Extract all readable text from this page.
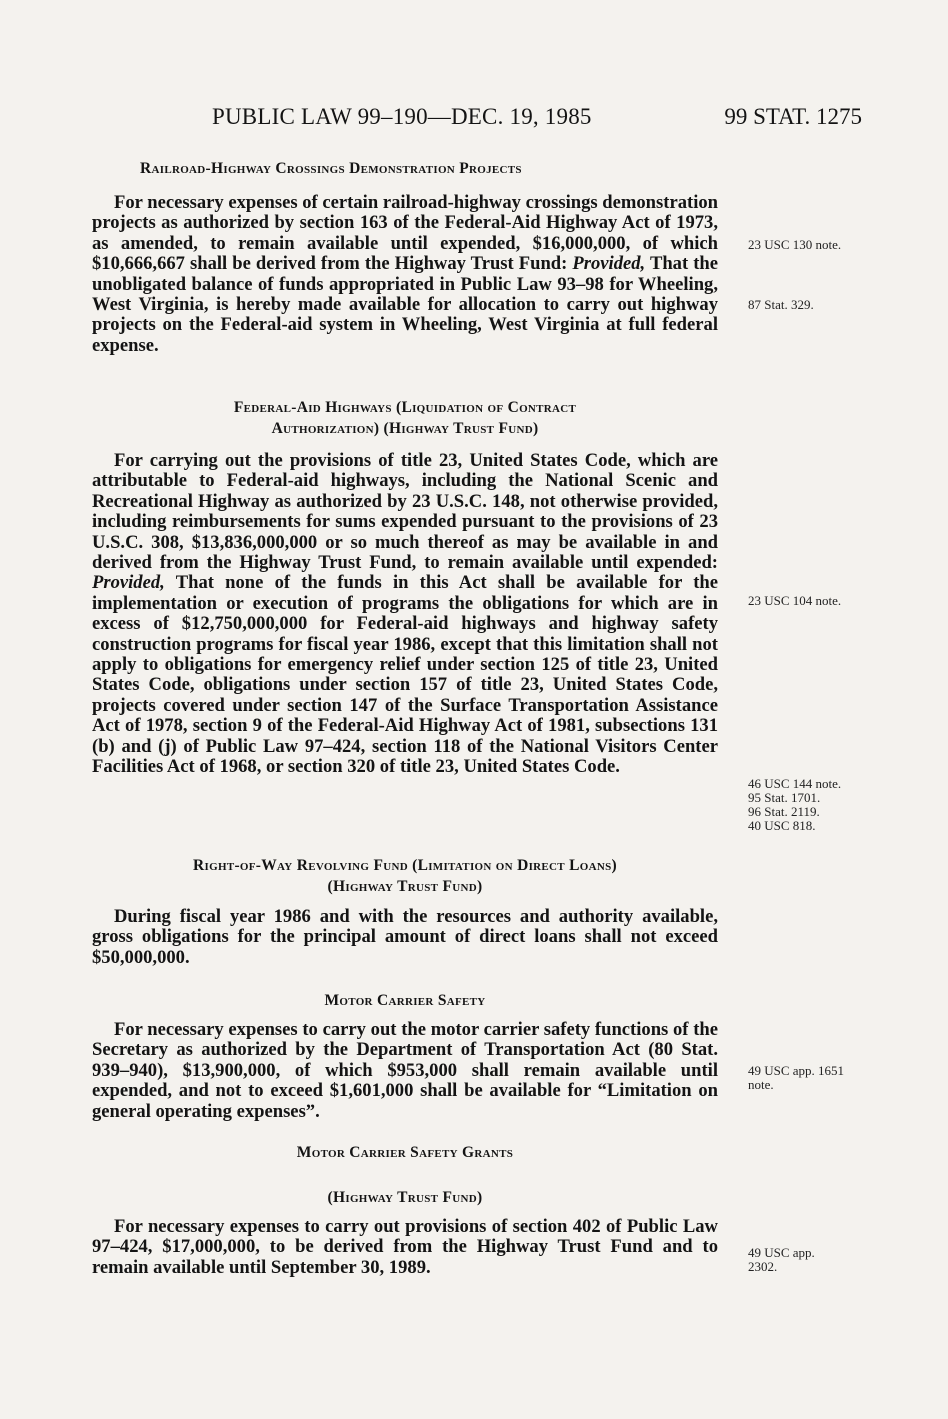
PUBLIC LAW 99–190—DEC. 19, 1985	99 STAT. 1275
Railroad-Highway Crossings Demonstration Projects
For necessary expenses of certain railroad-highway crossings demonstration projects as authorized by section 163 of the Federal-Aid Highway Act of 1973, as amended, to remain available until expended, $16,000,000, of which $10,666,667 shall be derived from the Highway Trust Fund: Provided, That the unobligated balance of funds appropriated in Public Law 93–98 for Wheeling, West Virginia, is hereby made available for allocation to carry out highway projects on the Federal-aid system in Wheeling, West Virginia at full federal expense.
Federal-Aid Highways (Liquidation of Contract
Authorization) (Highway Trust Fund)
For carrying out the provisions of title 23, United States Code, which are attributable to Federal-aid highways, including the National Scenic and Recreational Highway as authorized by 23 U.S.C. 148, not otherwise provided, including reimbursements for sums expended pursuant to the provisions of 23 U.S.C. 308, $13,836,000,000 or so much thereof as may be available in and derived from the Highway Trust Fund, to remain available until expended: Provided, That none of the funds in this Act shall be available for the implementation or execution of programs the obligations for which are in excess of $12,750,000,000 for Federal-aid highways and highway safety construction programs for fiscal year 1986, except that this limitation shall not apply to obligations for emergency relief under section 125 of title 23, United States Code, obligations under section 157 of title 23, United States Code, projects covered under section 147 of the Surface Transportation Assistance Act of 1978, section 9 of the Federal-Aid Highway Act of 1981, subsections 131 (b) and (j) of Public Law 97–424, section 118 of the National Visitors Center Facilities Act of 1968, or section 320 of title 23, United States Code.
Right-of-Way Revolving Fund (Limitation on Direct Loans)
(Highway Trust Fund)
During fiscal year 1986 and with the resources and authority available, gross obligations for the principal amount of direct loans shall not exceed $50,000,000.
Motor Carrier Safety
For necessary expenses to carry out the motor carrier safety functions of the Secretary as authorized by the Department of Transportation Act (80 Stat. 939–940), $13,900,000, of which $953,000 shall remain available until expended, and not to exceed $1,601,000 shall be available for “Limitation on general operating expenses”.
Motor Carrier Safety Grants
(Highway Trust Fund)
For necessary expenses to carry out provisions of section 402 of Public Law 97–424, $17,000,000, to be derived from the Highway Trust Fund and to remain available until September 30, 1989.
23 USC 130 note.
87 Stat. 329.
23 USC 104 note.
46 USC 144 note.
95 Stat. 1701.
96 Stat. 2119.
40 USC 818.
49 USC app. 1651
note.
49 USC app.
2302.
